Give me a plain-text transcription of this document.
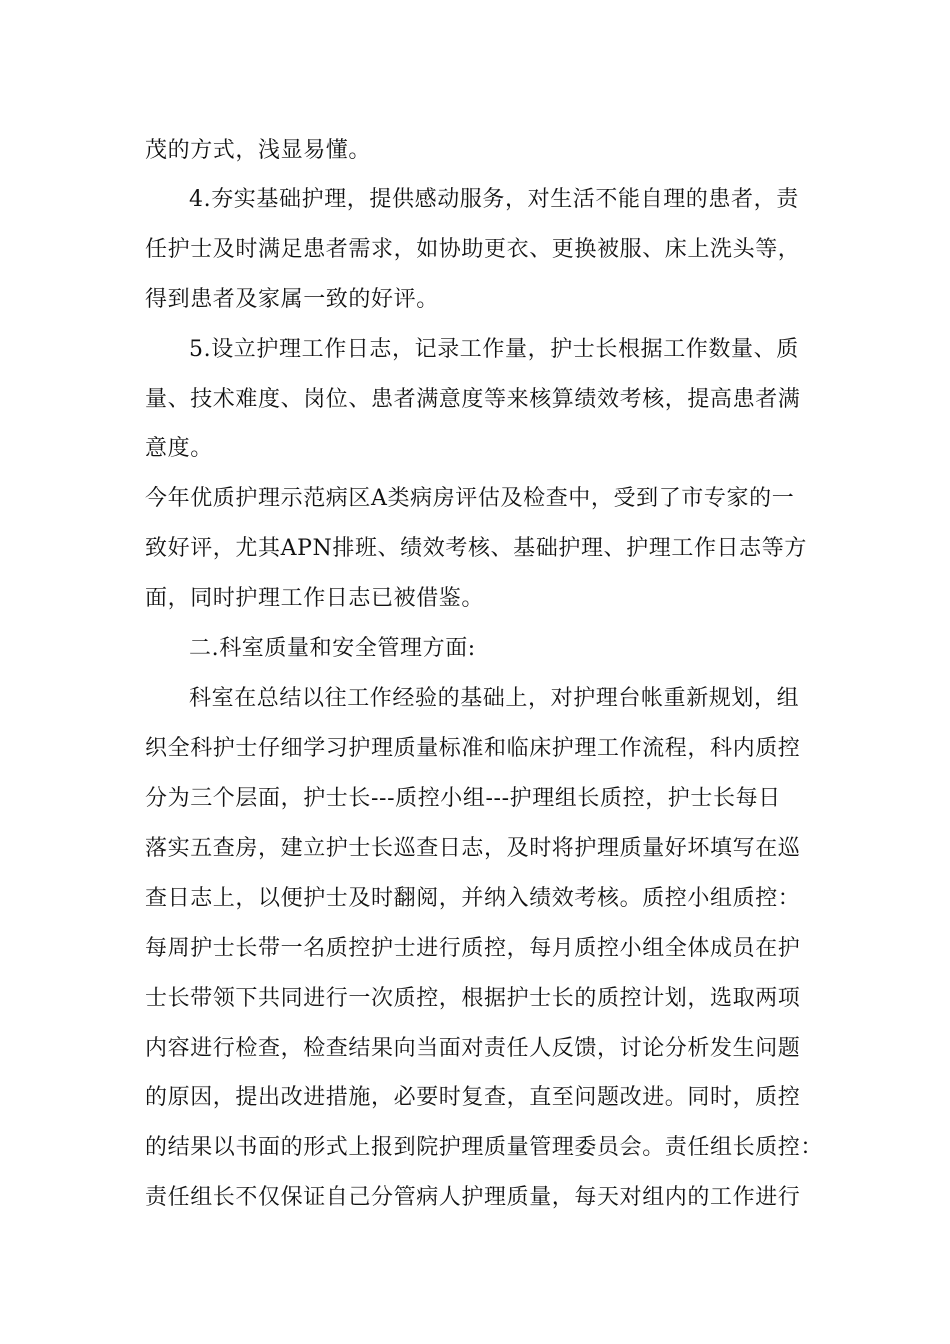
茂的方式，浅显易懂。
4.夯实基础护理，提供感动服务，对生活不能自理的患者，责
任护士及时满足患者需求，如协助更衣、更换被服、床上洗头等，
得到患者及家属一致的好评。
5.设立护理工作日志，记录工作量，护士长根据工作数量、质
量、技术难度、岗位、患者满意度等来核算绩效考核，提高患者满
意度。
今年优质护理示范病区A类病房评估及检查中，受到了市专家的一
致好评，尤其APN排班、绩效考核、基础护理、护理工作日志等方
面，同时护理工作日志已被借鉴。
二.科室质量和安全管理方面:
科室在总结以往工作经验的基础上，对护理台帐重新规划，组
织全科护士仔细学习护理质量标准和临床护理工作流程，科内质控
分为三个层面，护士长---质控小组---护理组长质控，护士长每日
落实五查房，建立护士长巡查日志，及时将护理质量好坏填写在巡
查日志上，以便护士及时翻阅，并纳入绩效考核。质控小组质控：
每周护士长带一名质控护士进行质控，每月质控小组全体成员在护
士长带领下共同进行一次质控，根据护士长的质控计划，选取两项
内容进行检查，检查结果向当面对责任人反馈，讨论分析发生问题
的原因，提出改进措施，必要时复查，直至问题改进。同时，质控
的结果以书面的形式上报到院护理质量管理委员会。责任组长质控：
责任组长不仅保证自己分管病人护理质量，每天对组内的工作进行
